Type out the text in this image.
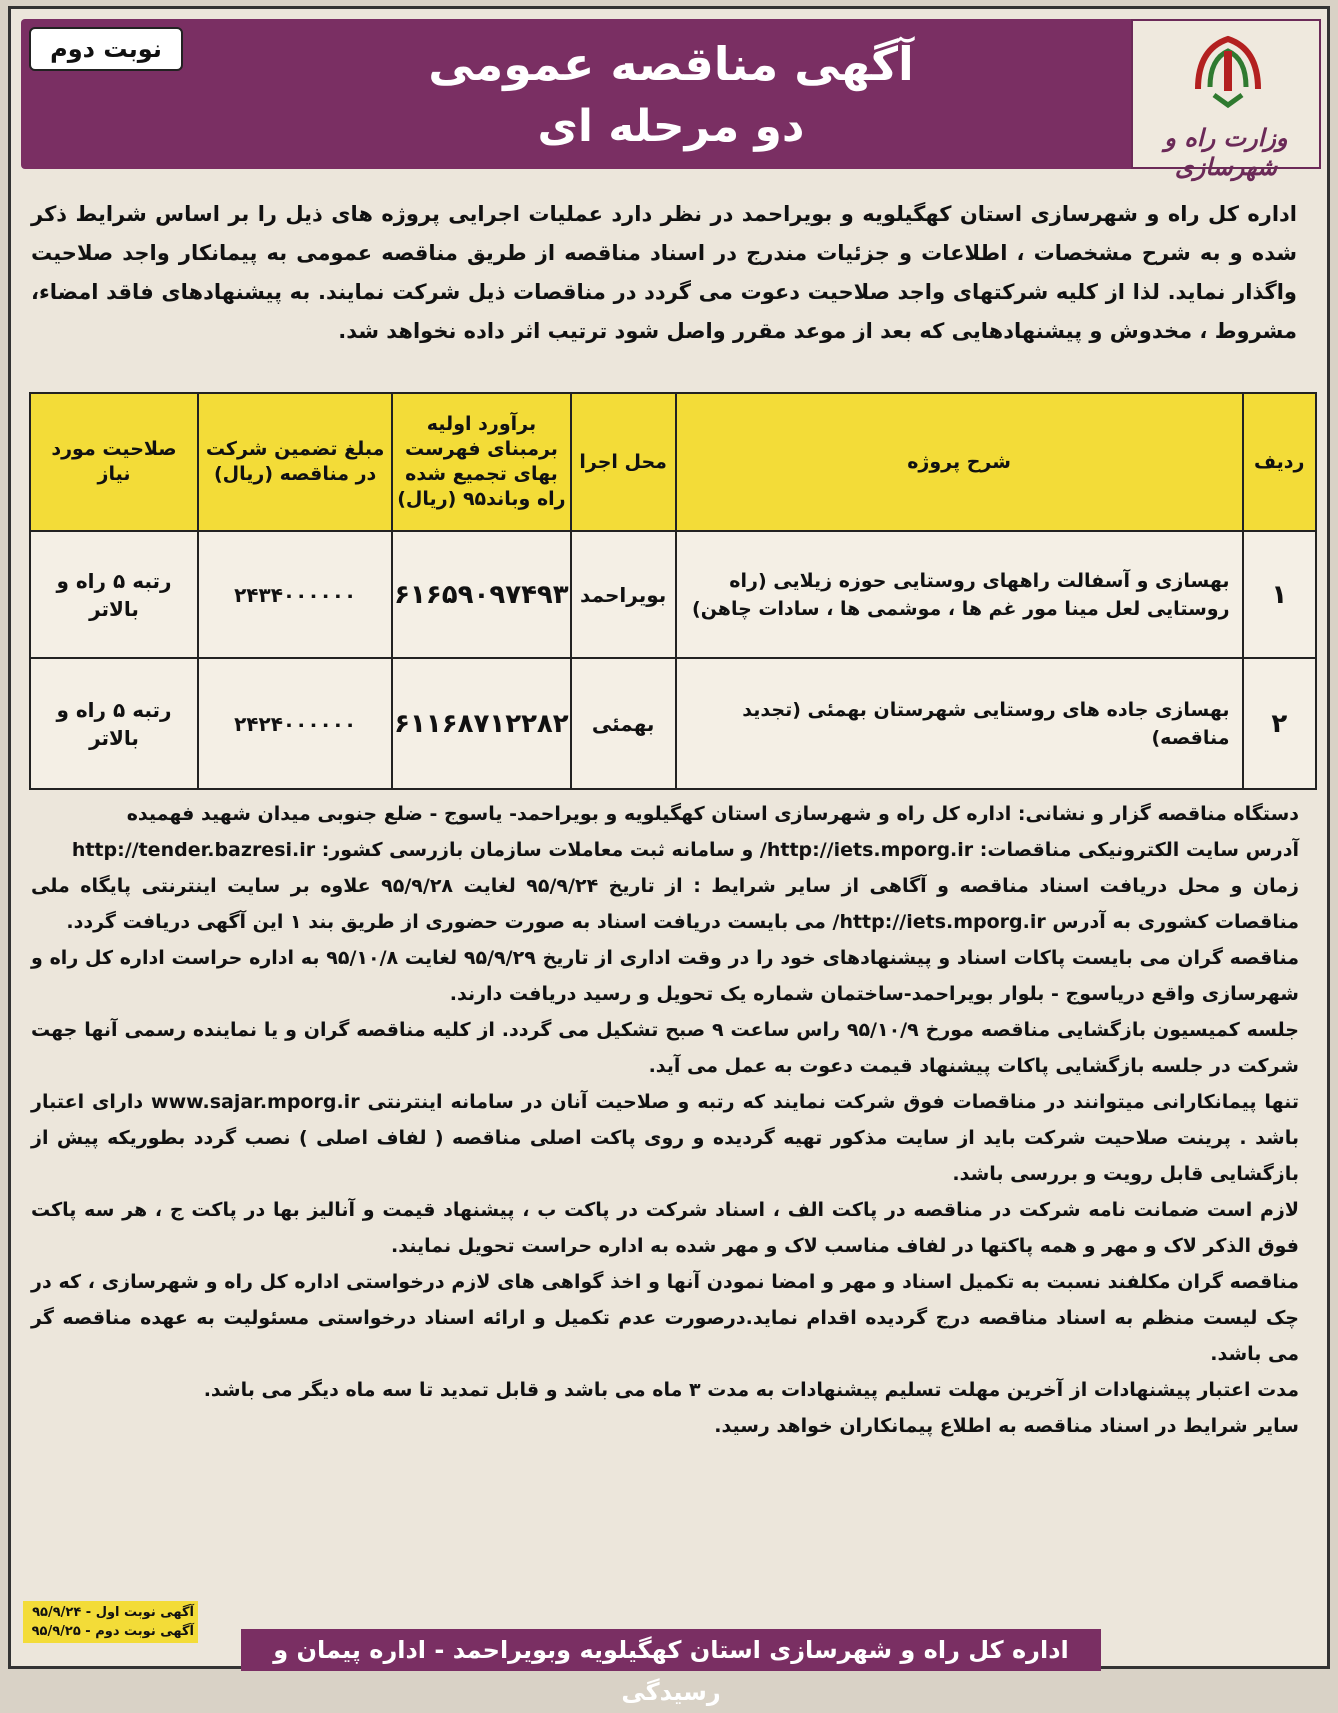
نوبت دوم	آگهی مناقصه عمومی
دو مرحله ای	وزارت راه و شهرسازی
اداره کل راه و شهرسازی استان کهگیلویه و بویراحمد در نظر دارد عملیات اجرایی پروژه های ذیل را بر اساس شرایط ذکر شده و به شرح مشخصات ، اطلاعات و جزئیات مندرج در اسناد مناقصه از طریق مناقصه عمومی به پیمانکار واجد صلاحیت واگذار نماید. لذا از کلیه شرکتهای واجد صلاحیت دعوت می گردد در مناقصات ذیل شرکت نمایند. به پیشنهادهای فاقد امضاء، مشروط ، مخدوش و پیشنهادهایی که بعد از موعد مقرر واصل شود ترتیب اثر داده نخواهد شد.
ردیف	شرح پروژه	محل اجرا	برآورد اولیه برمبنای فهرست بهای تجمیع شده راه وباند۹۵ (ریال)	مبلغ تضمین شرکت در مناقصه (ریال)	صلاحیت مورد نیاز
۱	بهسازی و آسفالت راههای روستایی حوزه زیلایی (راه روستایی لعل مینا مور غم ها ، موشمی ها ، سادات چاهن)	بویراحمد	۶۱۶۵۹۰۹۷۴۹۳	۲۴۳۴۰۰۰۰۰۰	رتبه ۵ راه و بالاتر
۲	بهسازی جاده های روستایی شهرستان بهمئی (تجدید مناقصه)	بهمئی	۶۱۱۶۸۷۱۲۲۸۲	۲۴۲۴۰۰۰۰۰۰	رتبه ۵ راه و بالاتر

دستگاه مناقصه گزار و نشانی: اداره کل راه و شهرسازی استان کهگیلویه و بویراحمد- یاسوج - ضلع جنوبی میدان شهید فهمیده

آدرس سایت الکترونیکی مناقصات: http://iets.mporg.ir/ و سامانه ثبت معاملات سازمان بازرسی کشور: http://tender.bazresi.ir

زمان و محل دریافت اسناد مناقصه و آگاهی از سایر شرایط : از تاریخ ۹۵/۹/۲۴ لغایت ۹۵/۹/۲۸ علاوه بر سایت اینترنتی پایگاه ملی مناقصات کشوری به آدرس http://iets.mporg.ir/ می بایست دریافت اسناد به صورت حضوری از طریق بند ۱ این آگهی دریافت گردد.

مناقصه گران می بایست پاکات اسناد و پیشنهادهای خود را در وقت اداری از تاریخ ۹۵/۹/۲۹ لغایت ۹۵/۱۰/۸ به اداره حراست اداره کل راه و شهرسازی واقع دریاسوج - بلوار بویراحمد-ساختمان شماره یک تحویل و رسید دریافت دارند.

جلسه کمیسیون بازگشایی مناقصه مورخ ۹۵/۱۰/۹ راس ساعت ۹ صبح تشکیل می گردد. از کلیه مناقصه گران و یا نماینده رسمی آنها جهت شرکت در جلسه بازگشایی پاکات پیشنهاد قیمت دعوت به عمل می آید.

تنها پیمانکارانی میتوانند در مناقصات فوق شرکت نمایند که رتبه و صلاحیت آنان در سامانه اینترنتی www.sajar.mporg.ir دارای اعتبار باشد . پرینت صلاحیت شرکت باید از سایت مذکور تهیه گردیده و روی پاکت اصلی مناقصه ( لفاف اصلی ) نصب گردد بطوریکه پیش از بازگشایی قابل رویت و بررسی باشد.

لازم است ضمانت نامه شرکت در مناقصه در پاکت الف ، اسناد شرکت در پاکت ب ، پیشنهاد قیمت و آنالیز بها در پاکت ج ، هر سه پاکت فوق الذکر لاک و مهر و همه پاکتها در لفاف مناسب لاک و مهر شده به اداره حراست تحویل نمایند.

مناقصه گران مکلفند نسبت به تکمیل اسناد و مهر و امضا نمودن آنها و اخذ گواهی های لازم درخواستی اداره کل راه و شهرسازی ، که در چک لیست منظم به اسناد مناقصه درج گردیده اقدام نماید.درصورت عدم تکمیل و ارائه اسناد درخواستی مسئولیت به عهده مناقصه گر می باشد.

مدت اعتبار پیشنهادات از آخرین مهلت تسلیم پیشنهادات به مدت ۳ ماه می باشد و قابل تمدید تا سه ماه دیگر می باشد.

سایر شرایط در اسناد مناقصه به اطلاع پیمانکاران خواهد رسید.

آگهی نوبت اول - ۹۵/۹/۲۴
آگهی نوبت دوم - ۹۵/۹/۲۵
اداره کل راه و شهرسازی استان کهگیلویه وبویراحمد - اداره پیمان و رسیدگی
